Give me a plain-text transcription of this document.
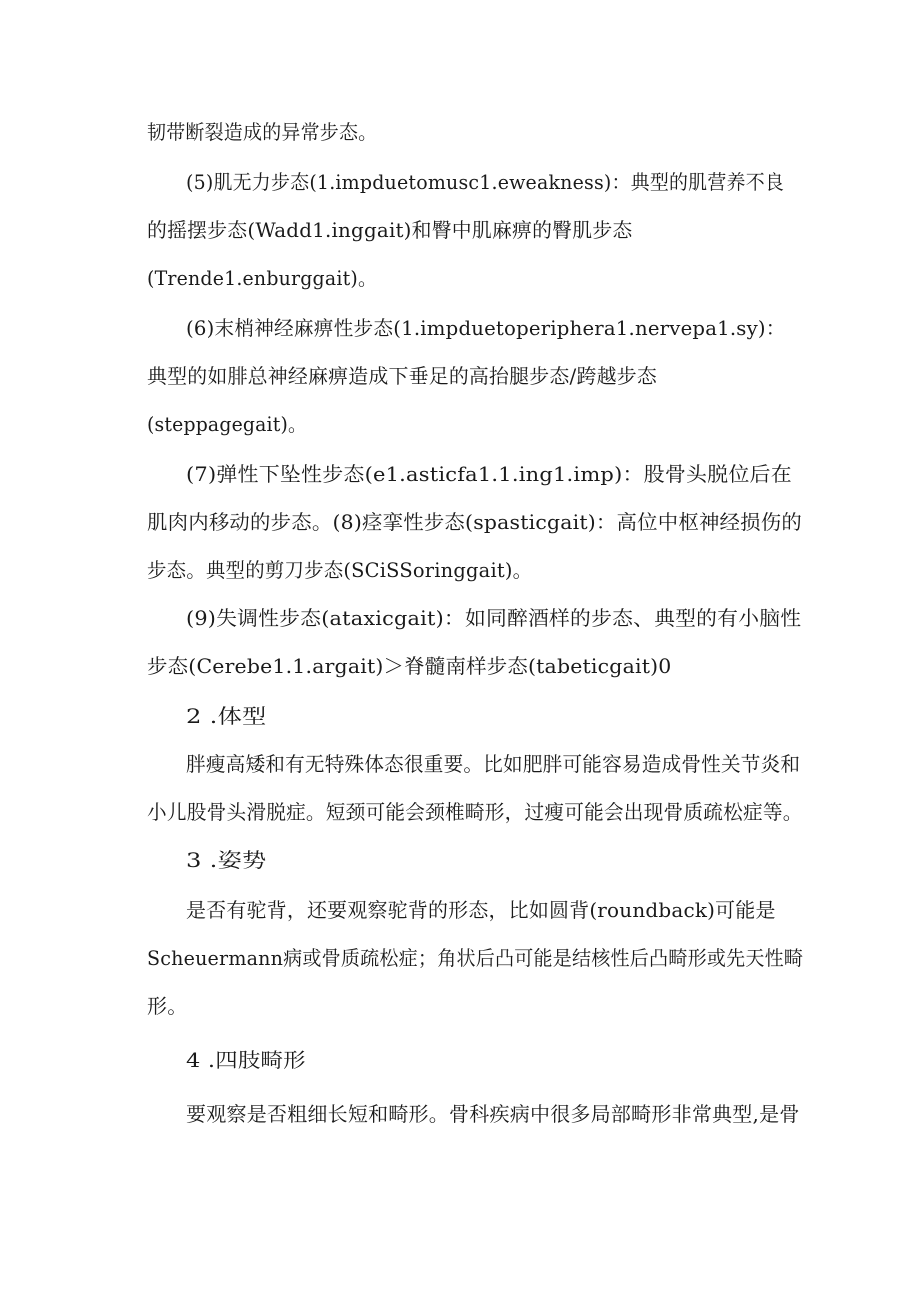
韧带断裂造成的异常步态。
(5)肌无力步态(1.impduetomusc1.eweakness)：典型的肌营养不良
的摇摆步态(Wadd1.inggait)和臀中肌麻痹的臀肌步态
(Trende1.enburggait)。
(6)末梢神经麻痹性步态(1.impduetoperiphera1.nervepa1.sy)：
典型的如腓总神经麻痹造成下垂足的高抬腿步态/跨越步态
(steppagegait)。
(7)弹性下坠性步态(e1.asticfa1.1.ing1.imp)：股骨头脱位后在
肌肉内移动的步态。(8)痉挛性步态(spasticgait)：高位中枢神经损伤的
步态。典型的剪刀步态(SCiSSoringgait)。
(9)失调性步态(ataxicgait)：如同醉酒样的步态、典型的有小脑性
步态(Cerebe1.1.argait)＞脊髓南样步态(tabeticgait)0
2 .体型
胖瘦高矮和有无特殊体态很重要。比如肥胖可能容易造成骨性关节炎和
小儿股骨头滑脱症。短颈可能会颈椎畸形，过瘦可能会出现骨质疏松症等。
3 .姿势
是否有驼背，还要观察驼背的形态，比如圆背(roundback)可能是
Scheuermann病或骨质疏松症；角状后凸可能是结核性后凸畸形或先天性畸
形。
4 .四肢畸形
要观察是否粗细长短和畸形。骨科疾病中很多局部畸形非常典型,是骨
